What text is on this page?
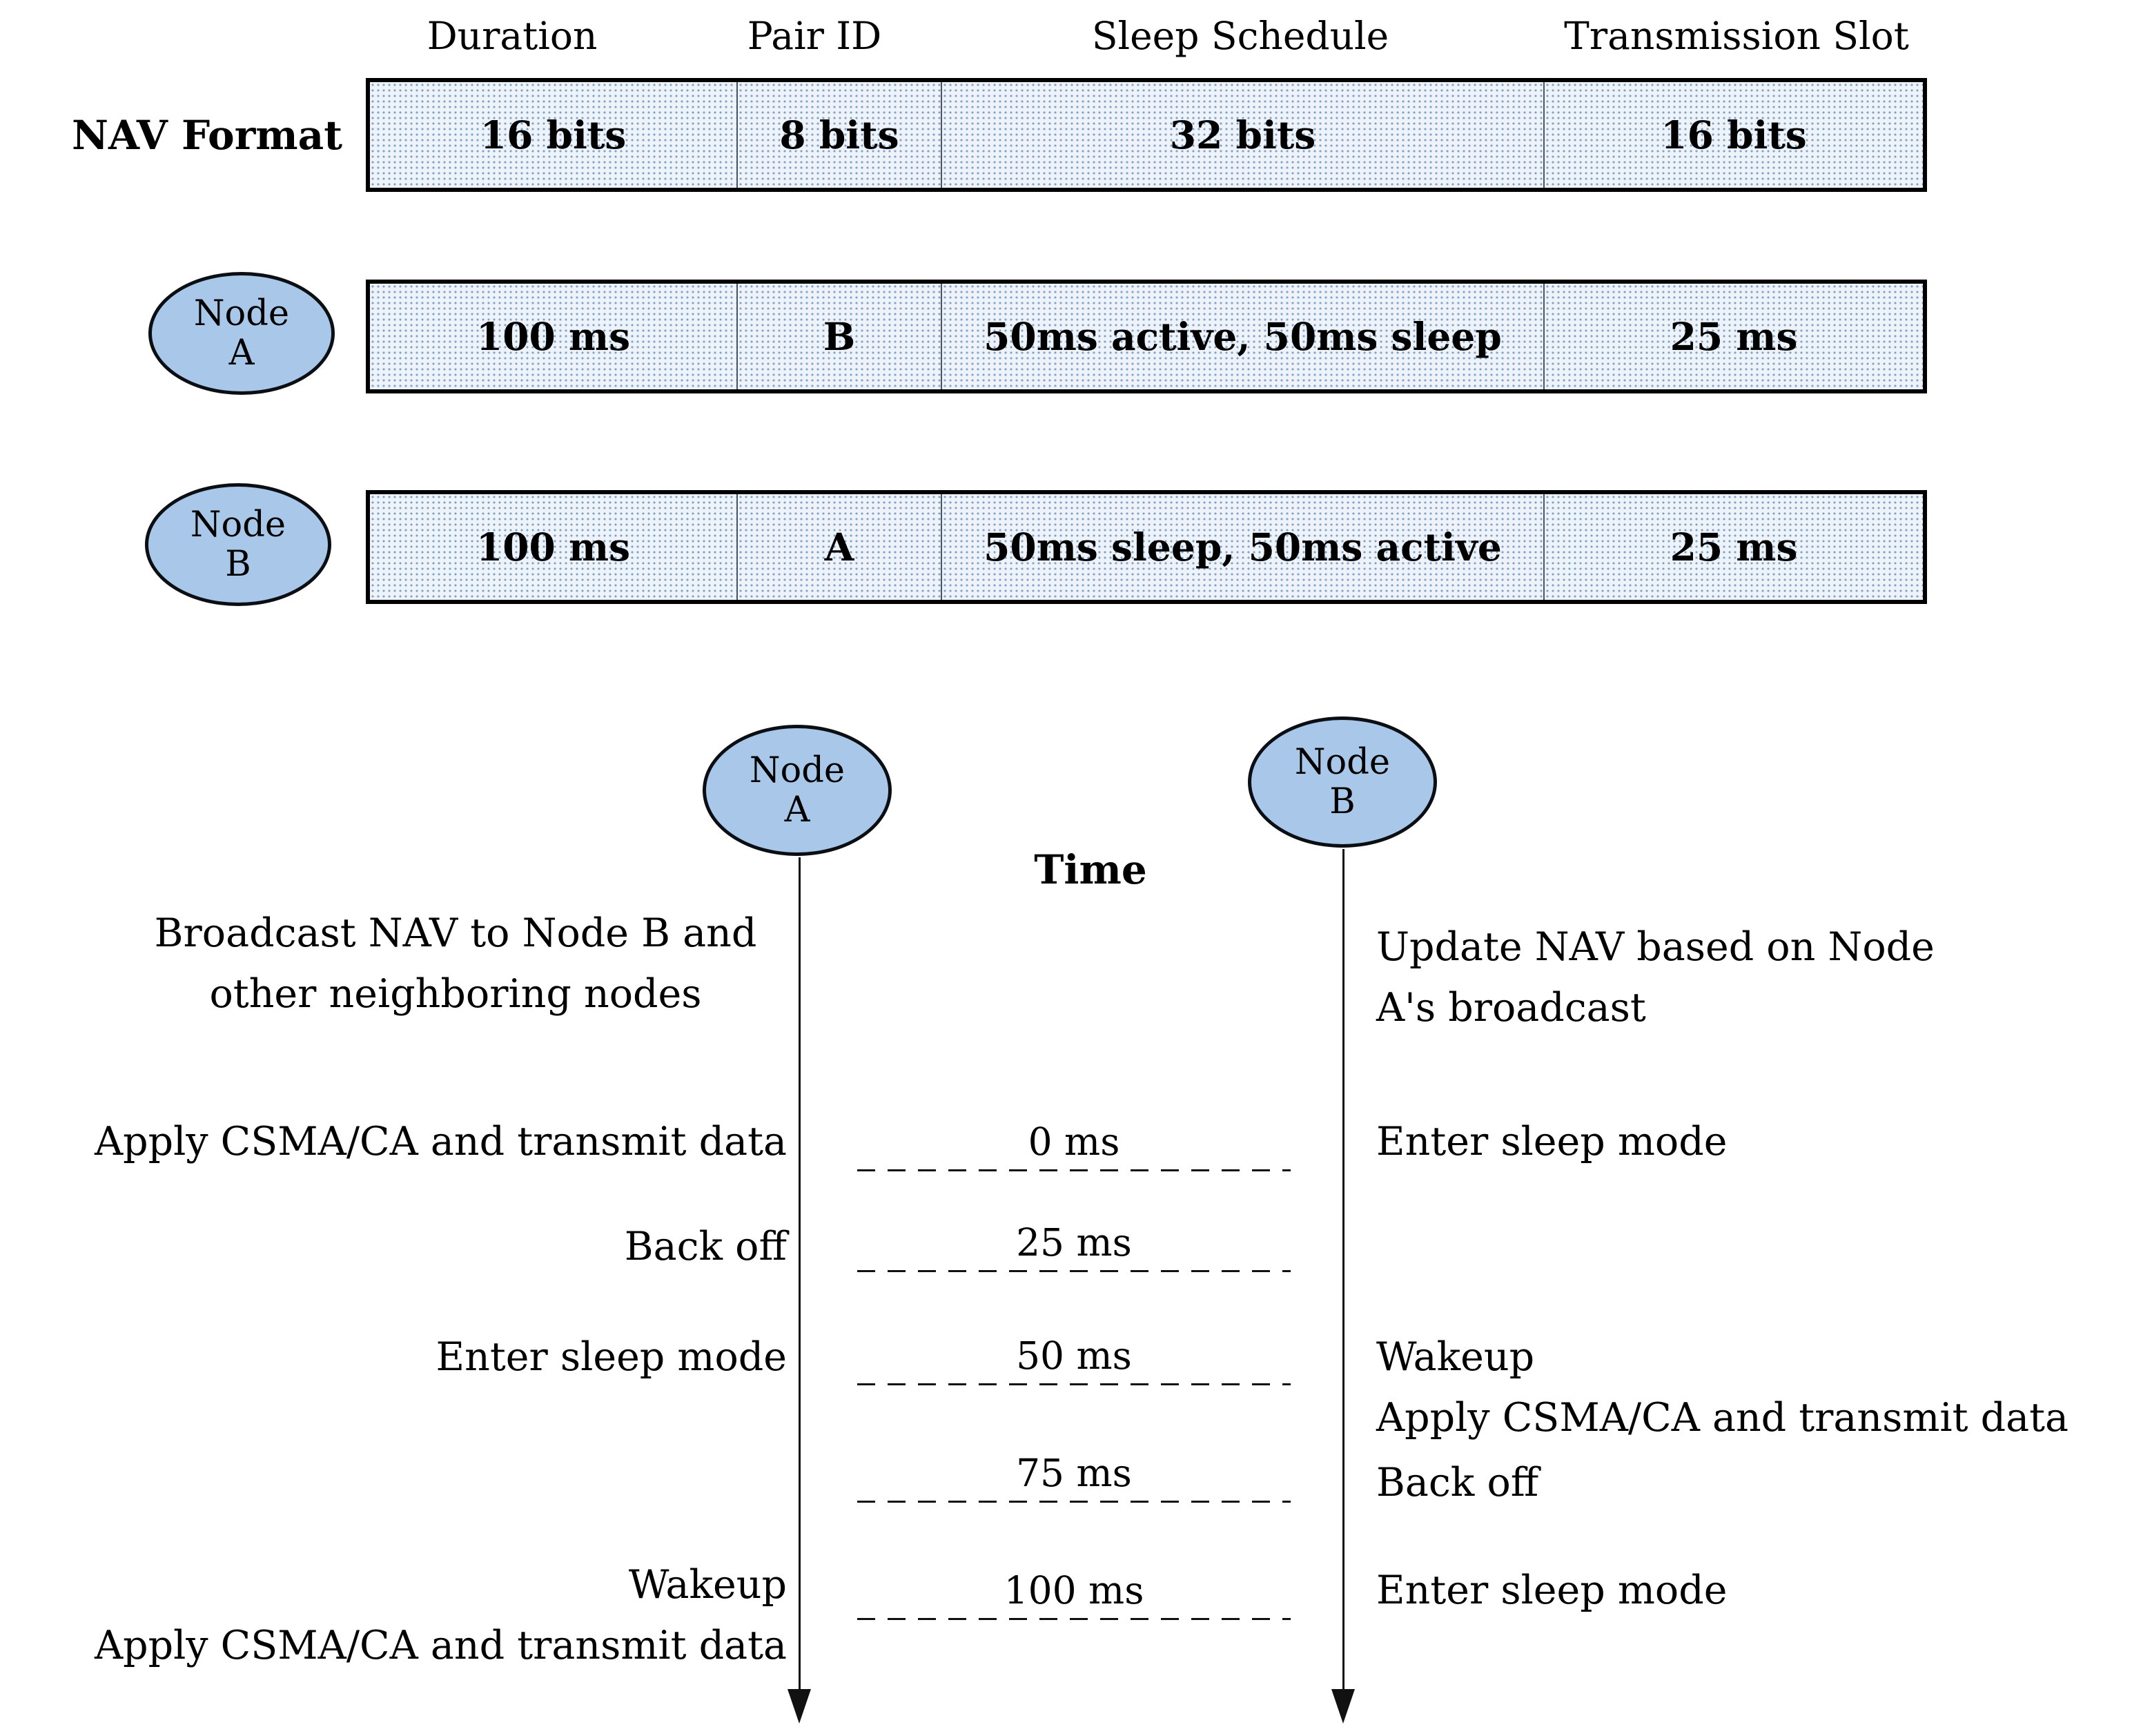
Duration	Pair ID	Sleep Schedule	Transmission Slot
NAV Format	16 bits	8 bits	32 bits	16 bits
Node
A	100 ms	B	50ms active, 50ms sleep	25 ms
Node
B	100 ms	A	50ms sleep, 50ms active	25 ms
Node
A
Node
B
Time
0 ms
25 ms
50 ms
75 ms
100 ms
Broadcast NAV to Node B and
other neighboring nodes
Apply CSMA/CA and transmit data
Back off
Enter sleep mode
Wakeup
Apply CSMA/CA and transmit data
Update NAV based on Node
A's broadcast
Enter sleep mode
Wakeup
Apply CSMA/CA and transmit data
Back off
Enter sleep mode
